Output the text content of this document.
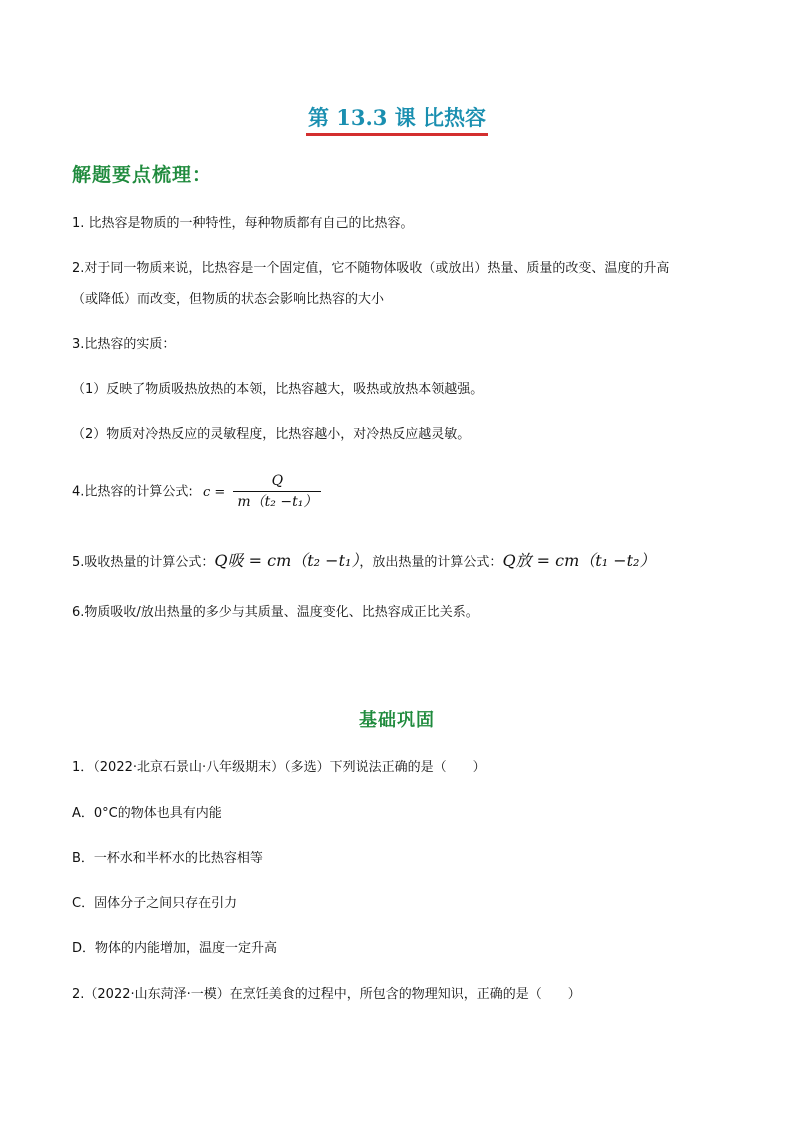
第 13.3 课 比热容
解题要点梳理：
1. 比热容是物质的一种特性，每种物质都有自己的比热容。
2.对于同一物质来说，比热容是一个固定值，它不随物体吸收（或放出）热量、质量的改变、温度的升高
（或降低）而改变，但物质的状态会影响比热容的大小
3.比热容的实质：
（1）反映了物质吸热放热的本领，比热容越大，吸热或放热本领越强。
（2）物质对冷热反应的灵敏程度，比热容越小，对冷热反应越灵敏。
4.比热容的计算公式: $c = \frac{Q}{\text{m（t₂ −t₁）}}$
5.吸收热量的计算公式：Q吸 = cm（t₂ −t₁），放出热量的计算公式：Q放 = cm（t₁ −t₂）
6.物质吸收/放出热量的多少与其质量、温度变化、比热容成正比关系。
基础巩固
1．（2022·北京石景山·八年级期末）（多选）下列说法正确的是（　　）
A．0°C的物体也具有内能
B．一杯水和半杯水的比热容相等
C．固体分子之间只存在引力
D．物体的内能增加，温度一定升高
2.（2022·山东菏泽·一模）在烹饪美食的过程中，所包含的物理知识，正确的是（　　）
